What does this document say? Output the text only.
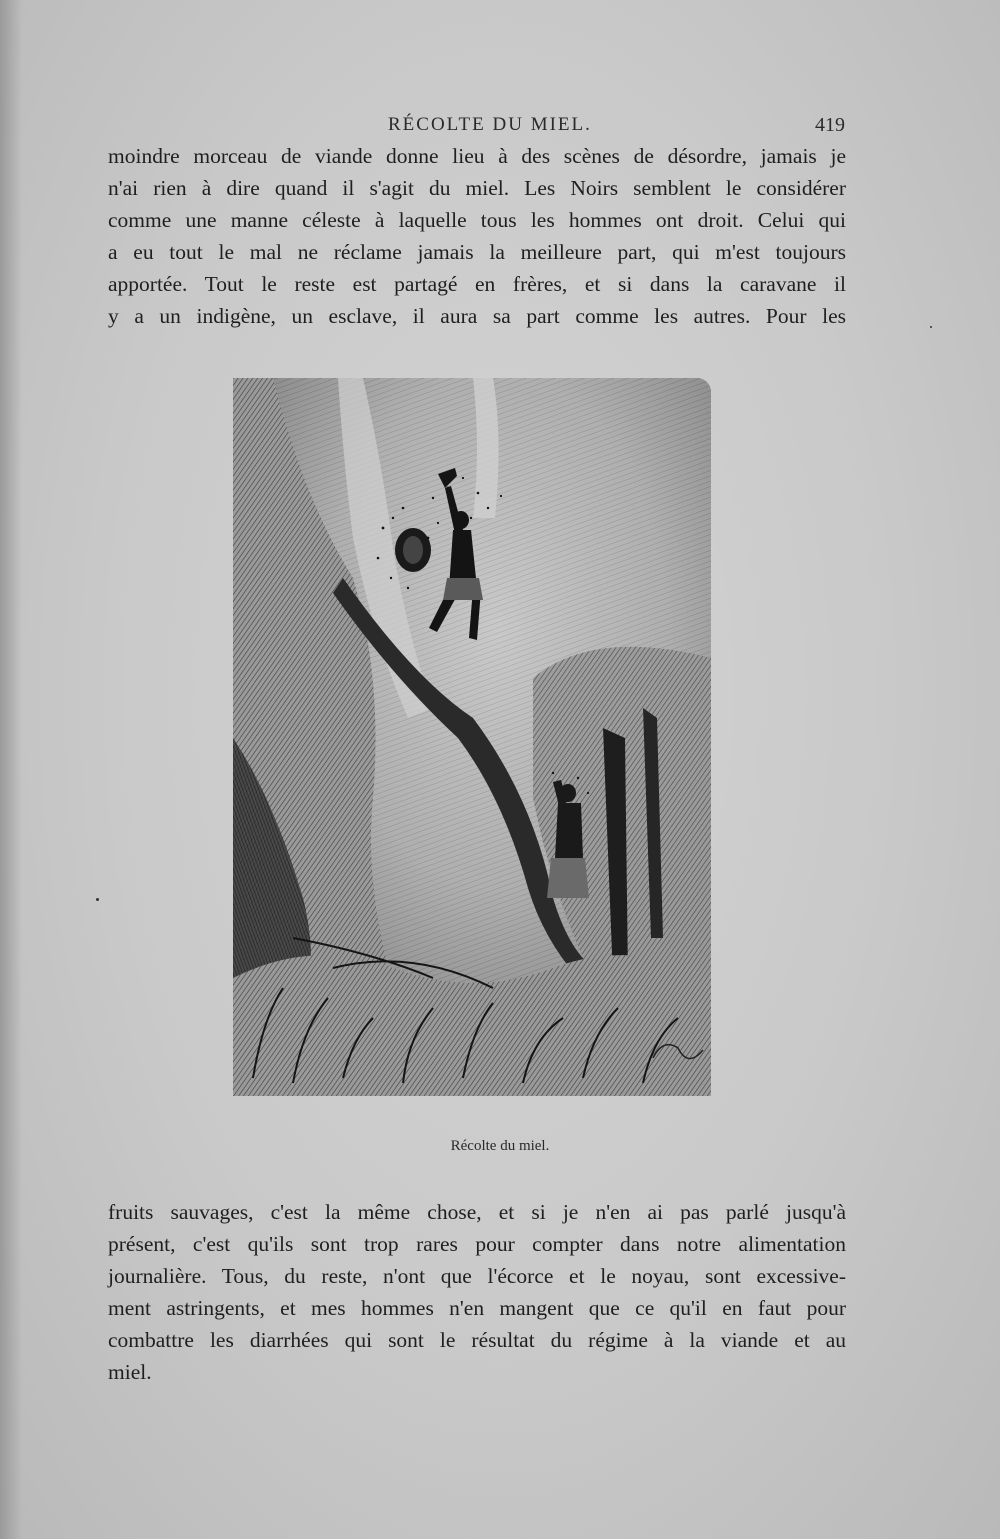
RÉCOLTE DU MIEL.	419
moindre morceau de viande donne lieu à des scènes de désordre, jamais je
n'ai rien à dire quand il s'agit du miel. Les Noirs semblent le considérer
comme une manne céleste à laquelle tous les hommes ont droit. Celui qui
a eu tout le mal ne réclame jamais la meilleure part, qui m'est toujours
apportée. Tout le reste est partagé en frères, et si dans la caravane il
y a un indigène, un esclave, il aura sa part comme les autres. Pour les
Récolte du miel.
fruits sauvages, c'est la même chose, et si je n'en ai pas parlé jusqu'à
présent, c'est qu'ils sont trop rares pour compter dans notre alimentation
journalière. Tous, du reste, n'ont que l'écorce et le noyau, sont excessive-
ment astringents, et mes hommes n'en mangent que ce qu'il en faut pour
combattre les diarrhées qui sont le résultat du régime à la viande et au
miel.
